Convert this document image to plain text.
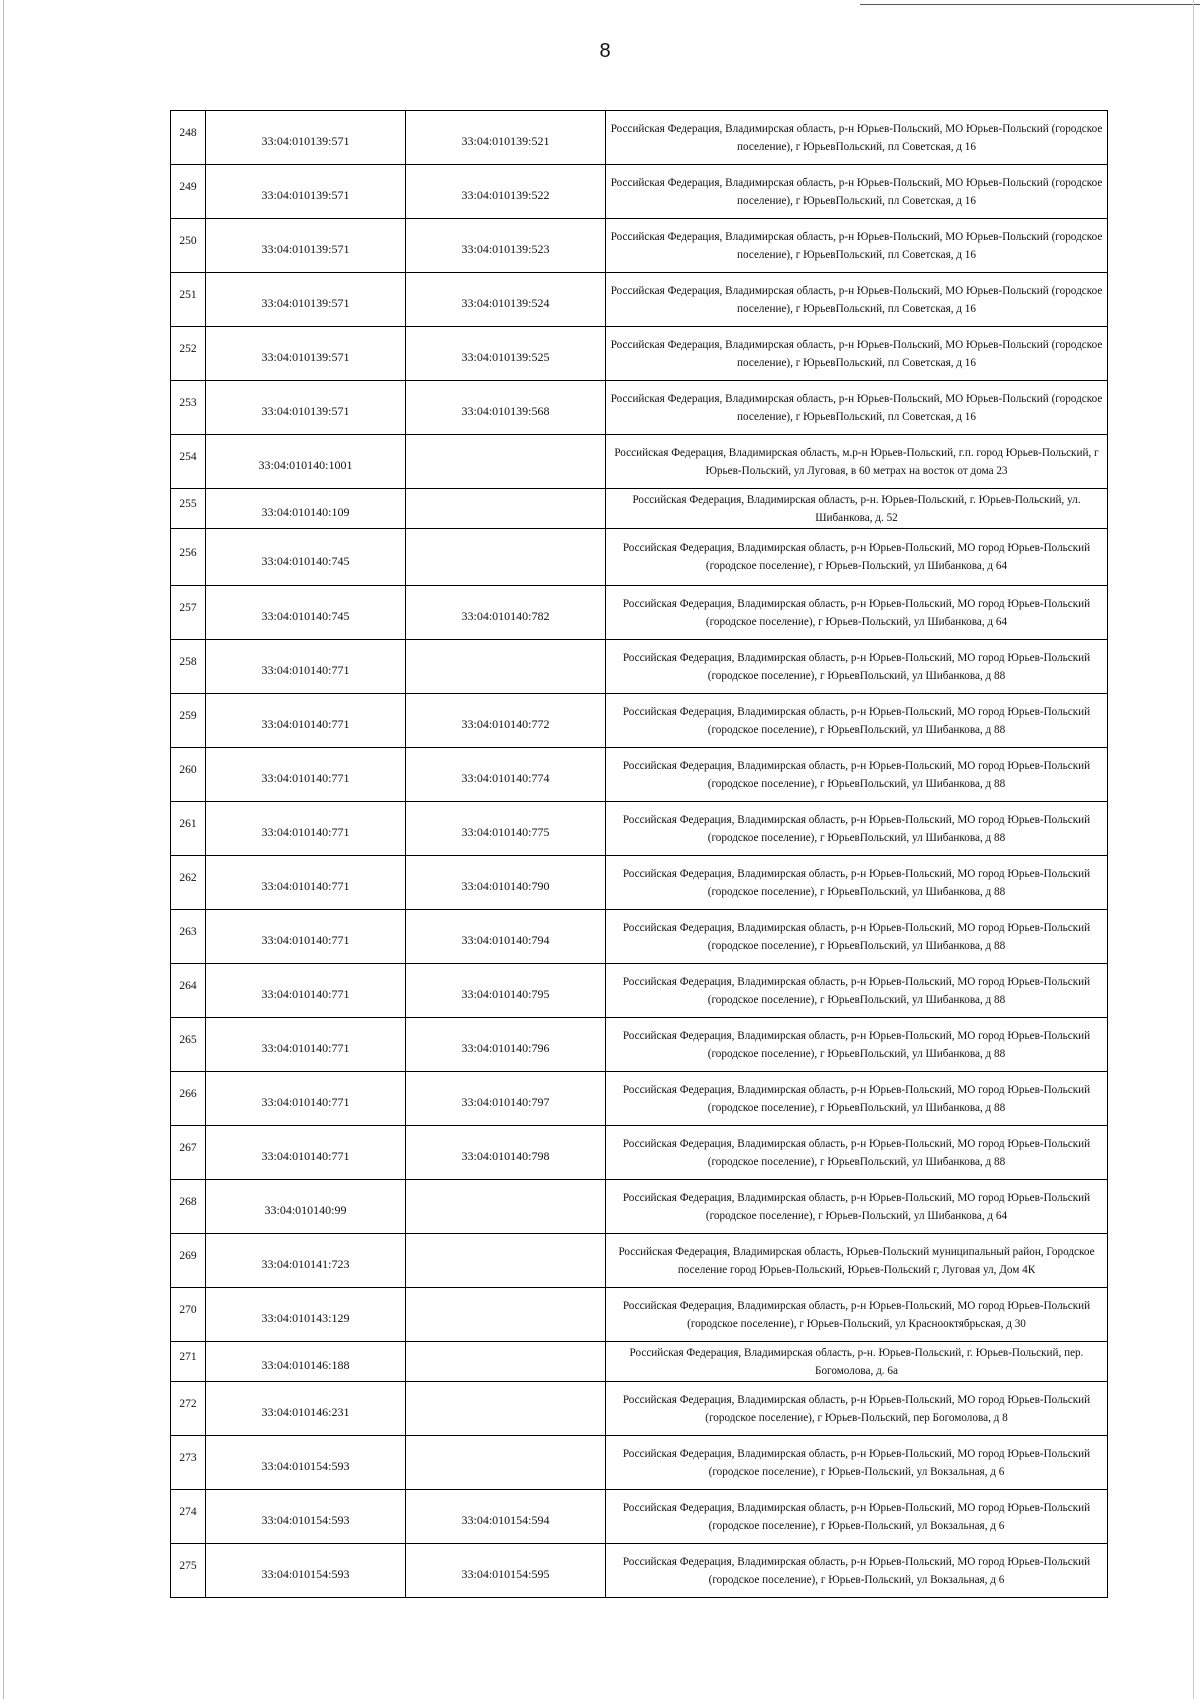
8
248	33:04:010139:571	33:04:010139:521	Российская Федерация, Владимирская область, р-н Юрьев-Польский, МО Юрьев-Польский (городское поселение), г ЮрьевПольский, пл Советская, д 16
249	33:04:010139:571	33:04:010139:522	Российская Федерация, Владимирская область, р-н Юрьев-Польский, МО Юрьев-Польский (городское поселение), г ЮрьевПольский, пл Советская, д 16
250	33:04:010139:571	33:04:010139:523	Российская Федерация, Владимирская область, р-н Юрьев-Польский, МО Юрьев-Польский (городское поселение), г ЮрьевПольский, пл Советская, д 16
251	33:04:010139:571	33:04:010139:524	Российская Федерация, Владимирская область, р-н Юрьев-Польский, МО Юрьев-Польский (городское поселение), г ЮрьевПольский, пл Советская, д 16
252	33:04:010139:571	33:04:010139:525	Российская Федерация, Владимирская область, р-н Юрьев-Польский, МО Юрьев-Польский (городское поселение), г ЮрьевПольский, пл Советская, д 16
253	33:04:010139:571	33:04:010139:568	Российская Федерация, Владимирская область, р-н Юрьев-Польский, МО Юрьев-Польский (городское поселение), г ЮрьевПольский, пл Советская, д 16
254	33:04:010140:1001		Российская Федерация, Владимирская область, м.р-н Юрьев-Польский, г.п. город Юрьев-Польский, г Юрьев-Польский, ул Луговая, в 60 метрах на восток от дома 23
255	33:04:010140:109		Российская Федерация, Владимирская область, р-н. Юрьев-Польский, г. Юрьев-Польский, ул. Шибанкова, д. 52
256	33:04:010140:745		Российская Федерация, Владимирская область, р-н Юрьев-Польский, МО город Юрьев-Польский (городское поселение), г Юрьев-Польский, ул Шибанкова, д 64
257	33:04:010140:745	33:04:010140:782	Российская Федерация, Владимирская область, р-н Юрьев-Польский, МО город Юрьев-Польский (городское поселение), г Юрьев-Польский, ул Шибанкова, д 64
258	33:04:010140:771		Российская Федерация, Владимирская область, р-н Юрьев-Польский, МО город Юрьев-Польский (городское поселение), г ЮрьевПольский, ул Шибанкова, д 88
259	33:04:010140:771	33:04:010140:772	Российская Федерация, Владимирская область, р-н Юрьев-Польский, МО город Юрьев-Польский (городское поселение), г ЮрьевПольский, ул Шибанкова, д 88
260	33:04:010140:771	33:04:010140:774	Российская Федерация, Владимирская область, р-н Юрьев-Польский, МО город Юрьев-Польский (городское поселение), г ЮрьевПольский, ул Шибанкова, д 88
261	33:04:010140:771	33:04:010140:775	Российская Федерация, Владимирская область, р-н Юрьев-Польский, МО город Юрьев-Польский (городское поселение), г ЮрьевПольский, ул Шибанкова, д 88
262	33:04:010140:771	33:04:010140:790	Российская Федерация, Владимирская область, р-н Юрьев-Польский, МО город Юрьев-Польский (городское поселение), г ЮрьевПольский, ул Шибанкова, д 88
263	33:04:010140:771	33:04:010140:794	Российская Федерация, Владимирская область, р-н Юрьев-Польский, МО город Юрьев-Польский (городское поселение), г ЮрьевПольский, ул Шибанкова, д 88
264	33:04:010140:771	33:04:010140:795	Российская Федерация, Владимирская область, р-н Юрьев-Польский, МО город Юрьев-Польский (городское поселение), г ЮрьевПольский, ул Шибанкова, д 88
265	33:04:010140:771	33:04:010140:796	Российская Федерация, Владимирская область, р-н Юрьев-Польский, МО город Юрьев-Польский (городское поселение), г ЮрьевПольский, ул Шибанкова, д 88
266	33:04:010140:771	33:04:010140:797	Российская Федерация, Владимирская область, р-н Юрьев-Польский, МО город Юрьев-Польский (городское поселение), г ЮрьевПольский, ул Шибанкова, д 88
267	33:04:010140:771	33:04:010140:798	Российская Федерация, Владимирская область, р-н Юрьев-Польский, МО город Юрьев-Польский (городское поселение), г ЮрьевПольский, ул Шибанкова, д 88
268	33:04:010140:99		Российская Федерация, Владимирская область, р-н Юрьев-Польский, МО город Юрьев-Польский (городское поселение), г Юрьев-Польский, ул Шибанкова, д 64
269	33:04:010141:723		Российская Федерация, Владимирская область, Юрьев-Польский муниципальный район, Городское поселение город Юрьев-Польский, Юрьев-Польский г, Луговая ул, Дом 4К
270	33:04:010143:129		Российская Федерация, Владимирская область, р-н Юрьев-Польский, МО город Юрьев-Польский (городское поселение), г Юрьев-Польский, ул Краснооктябрьская, д 30
271	33:04:010146:188		Российская Федерация, Владимирская область, р-н. Юрьев-Польский, г. Юрьев-Польский, пер. Богомолова, д. 6а
272	33:04:010146:231		Российская Федерация, Владимирская область, р-н Юрьев-Польский, МО город Юрьев-Польский (городское поселение), г Юрьев-Польский, пер Богомолова, д 8
273	33:04:010154:593		Российская Федерация, Владимирская область, р-н Юрьев-Польский, МО город Юрьев-Польский (городское поселение), г Юрьев-Польский, ул Вокзальная, д 6
274	33:04:010154:593	33:04:010154:594	Российская Федерация, Владимирская область, р-н Юрьев-Польский, МО город Юрьев-Польский (городское поселение), г Юрьев-Польский, ул Вокзальная, д 6
275	33:04:010154:593	33:04:010154:595	Российская Федерация, Владимирская область, р-н Юрьев-Польский, МО город Юрьев-Польский (городское поселение), г Юрьев-Польский, ул Вокзальная, д 6
